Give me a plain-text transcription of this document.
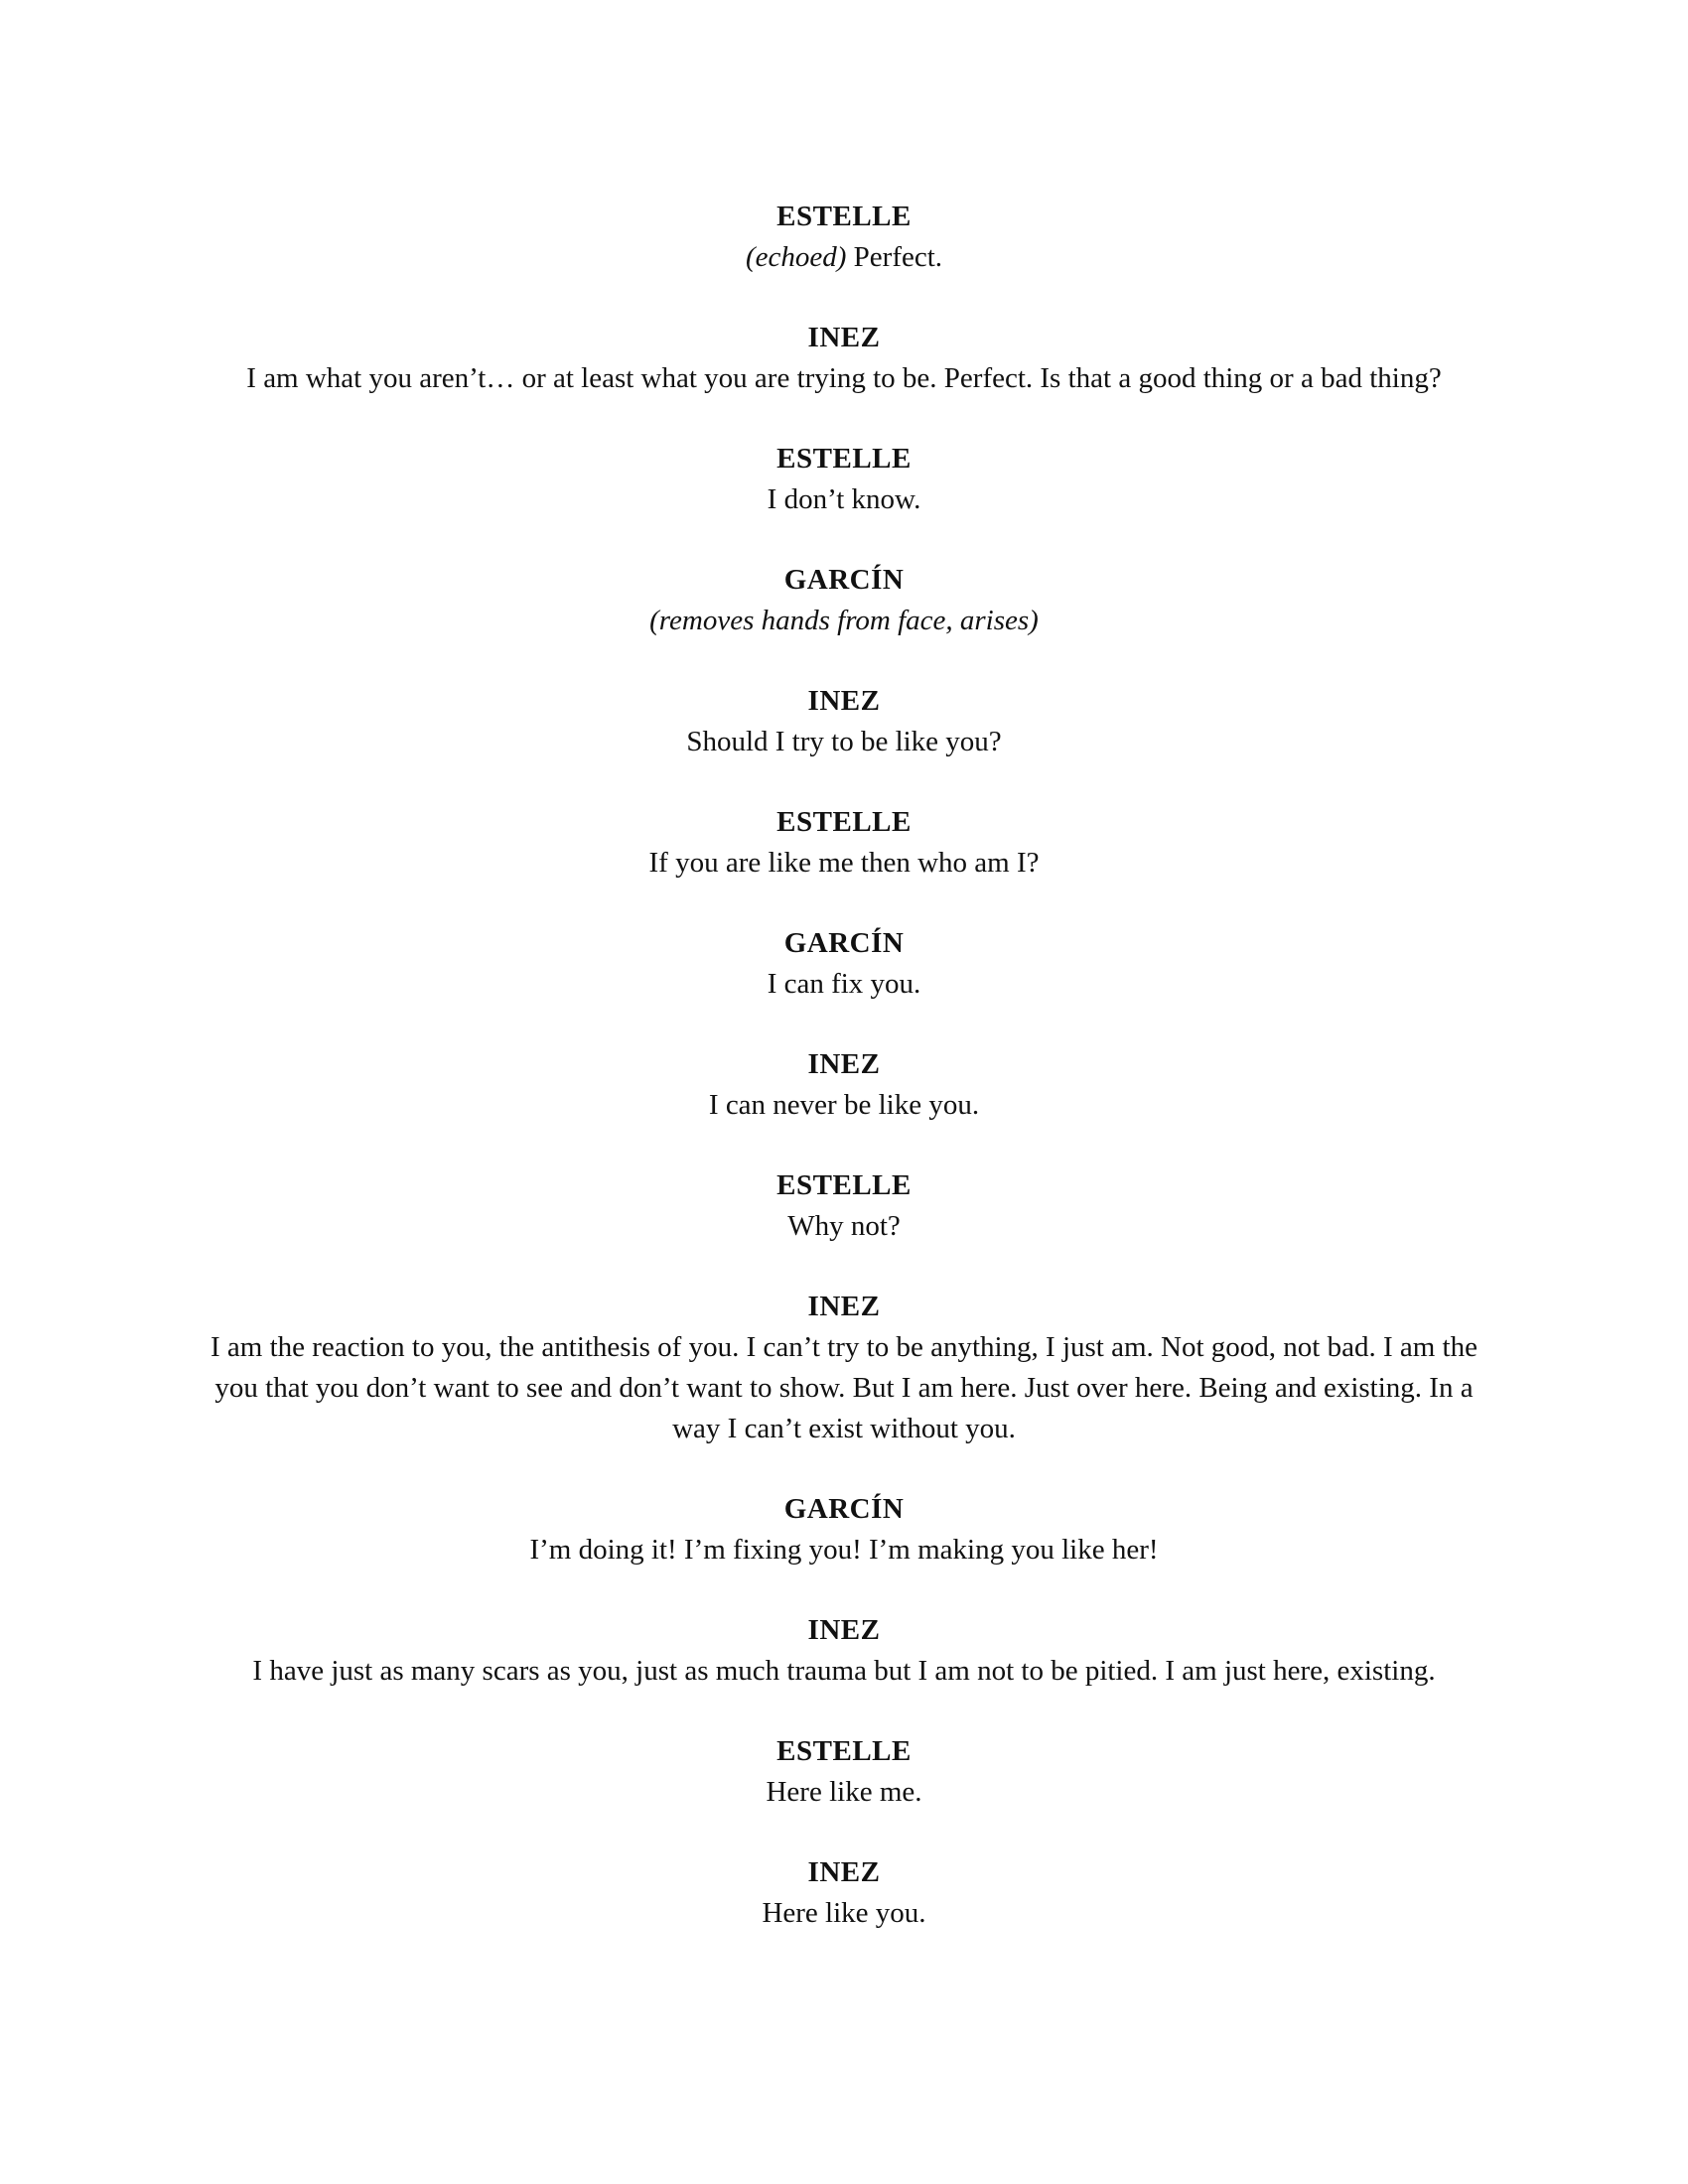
ESTELLE
(echoed) Perfect.
INEZ
I am what you aren’t… or at least what you are trying to be. Perfect. Is that a good thing or a bad thing?
ESTELLE
I don’t know.
GARCÍN
(removes hands from face, arises)
INEZ
Should I try to be like you?
ESTELLE
If you are like me then who am I?
GARCÍN
I can fix you.
INEZ
I can never be like you.
ESTELLE
Why not?
INEZ
I am the reaction to you, the antithesis of you. I can’t try to be anything, I just am. Not good, not bad. I am the you that you don’t want to see and don’t want to show. But I am here. Just over here. Being and existing. In a way I can’t exist without you.
GARCÍN
I’m doing it! I’m fixing you! I’m making you like her!
INEZ
I have just as many scars as you, just as much trauma but I am not to be pitied. I am just here, existing.
ESTELLE
Here like me.
INEZ
Here like you.
